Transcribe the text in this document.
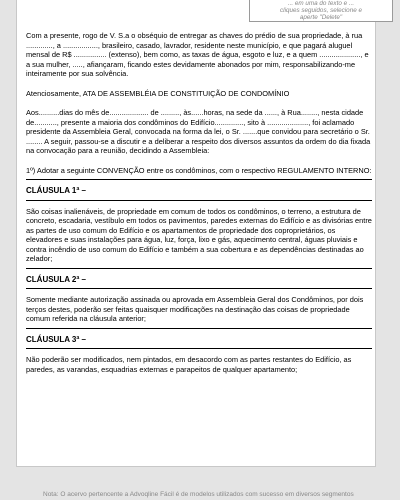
... em uma do texto e ...
cliques seguidos, selecione e
aperte "Delete"

Com a presente, rogo de V. S.a o obséquio de entregar as chaves do prédio de sua propriedade, à rua ............., a ................., brasileiro, casado, lavrador, residente neste município, e que pagará aluguel mensal de R$ ................ (extenso), bem como, as taxas de água, esgoto e luz, e a quem ...................., e a sua mulher, ....., afiançaram, ficando estes devidamente abonados por mim, responsabilizando-me inteiramente por sua solvência.

Atenciosamente, ATA DE ASSEMBLÉIA DE CONSTITUIÇÃO DE CONDOMÍNIO

Aos..........dias do mês de................... de ........., às......horas, na sede da ......, à Rua........, nesta cidade de..........., presente a maioria dos condôminos do Edifício.............., sito à ...................., foi aclamado presidente da Assembleia Geral, convocada na forma da lei, o Sr. .......que convidou para secretário o Sr. ........ A seguir, passou-se a discutir e a deliberar a respeito dos diversos assuntos da ordem do dia fixada na convocação para a reunião, decidindo a Assembleia:

1º) Adotar a seguinte CONVENÇÃO entre os condôminos, com o respectivo REGULAMENTO INTERNO:

CLÁUSULA 1ª –

São coisas inalienáveis, de propriedade em comum de todos os condôminos, o terreno, a estrutura de concreto, escadaria, vestíbulo em todos os pavimentos, paredes externas do Edifício e as divisórias entre as partes de uso comum do Edifício e os apartamentos de propriedade dos coproprietários, os elevadores e suas instalações para água, luz, força, lixo e gás, aquecimento central, águas pluviais e contra incêndio de uso comum do Edifício e também a sua cobertura e as dependências destinadas ao zelador;

CLÁUSULA 2ª –

Somente mediante autorização assinada ou aprovada em Assembleia Geral dos Condôminos, por dois terços destes, poderão ser feitas quaisquer modificações na destinação das coisas de propriedade comum referida na cláusula anterior;

CLÁUSULA 3ª –

Não poderão ser modificados, nem pintados, em desacordo com as partes restantes do Edifício, as paredes, as varandas, esquadrias externas e parapeitos de qualquer apartamento;

Nota: O acervo pertencente a Advoqline Fácil é de modelos utilizados com sucesso em diversos segmentos
